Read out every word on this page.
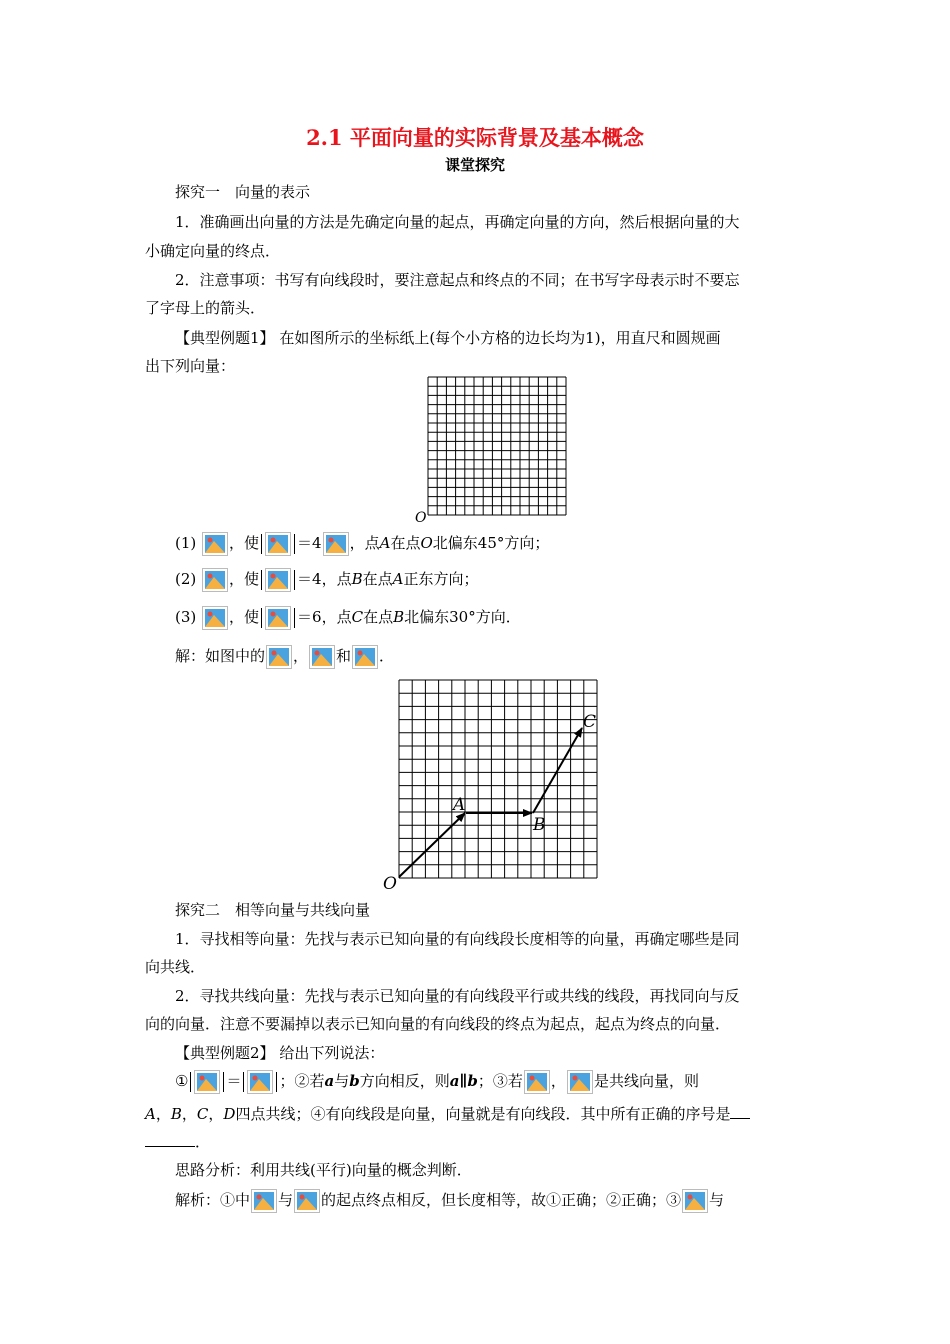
2.1 平面向量的实际背景及基本概念
课堂探究
探究一　向量的表示
1．准确画出向量的方法是先确定向量的起点，再确定向量的方向，然后根据向量的大
小确定向量的终点．
2．注意事项：书写有向线段时，要注意起点和终点的不同；在书写字母表示时不要忘
了字母上的箭头．
【典型例题1】 在如图所示的坐标纸上(每个小方格的边长均为1)，用直尺和圆规画
出下列向量：
O
(1) ，使	＝4 ，点A在点O北偏东45°方向；
(2) ，使	＝4，点B在点A正东方向；
(3) ，使	＝6，点C在点B北偏东30°方向．
解：如图中的 ， 和 ．
O
A
B
C
探究二　相等向量与共线向量
1．寻找相等向量：先找与表示已知向量的有向线段长度相等的向量，再确定哪些是同
向共线．
2．寻找共线向量：先找与表示已知向量的有向线段平行或共线的线段，再找同向与反
向的向量．注意不要漏掉以表示已知向量的有向线段的终点为起点，起点为终点的向量．
【典型例题2】 给出下列说法：
①	＝	；②若a与b方向相反，则a∥b；③若 ， 是共线向量，则
A，B，C，D四点共线；④有向线段是向量，向量就是有向线段．其中所有正确的序号是
．
思路分析：利用共线(平行)向量的概念判断．
解析：①中 与 的起点终点相反，但长度相等，故①正确；②正确；③ 与
